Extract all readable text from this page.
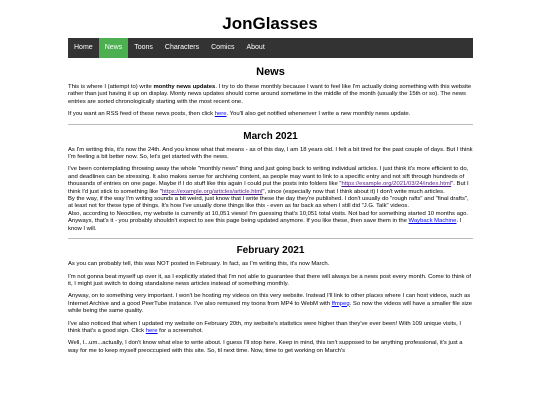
JonGlasses
Home	News	Toons	Characters	Comics	About
News

This is where I (attempt to) write monthy news updates. I try to do these monthly because I want to feel like I'm actually doing something with this website rather than just having it up on display. Monty news updates should come around sometime in the middle of the month (usually the 15th or so). The news entries are sorted chronologically starting with the most recent one.

If you want an RSS feed of these news posts, then click here. You'll also get notified whenenver I write a new monthly news update.

March 2021

As I'm writing this, it's now the 24th. And you know what that means - as of this day, I am 18 years old. I felt a bit tired for the past couple of days. But I think I'm feeling a bit better now. So, let's get started with the news.

I've been contemplating throwing away the whole "monthly news" thing and just going back to writing individual articles. I just think it's more efficient to do, and deadlines can be stressing. It also makes sense for archiving content, as people may want to link to a specific entry and not sift through hundreds of thousands of entries on one page. Maybe if I do stuff like this again I could put the posts into folders like "https://example.org/2021/03/24/index.html". But I think I'd just stick to something like "https://example.org/articles/article.html", since (especially now that I think about it) I don't write much articles.
By the way, if the way I'm writing sounds a bit weird, just know that I write these the day they're published. I don't usually do "rough rafts" and "final drafts", at least not for these type of things. It's how I've usually done things like this - even as far back as when I still did "J.G. Talk" videos.
Also, according to Neocities, my website is currently at 10,051 views! I'm guessing that's 10,051 total visits. Not bad for something started 10 months ago. Anyways, that's it - you probably shouldn't expect to see this page being updated anymore. If you like these, then save them in the Wayback Machine. I know I will.

February 2021

As you can probably tell, this was NOT posted in February. In fact, as I'm writing this, it's now March.

I'm not gonna beat myself up over it, as I explicitly stated that I'm not able to guarantee that there will always be a news post every month. Come to think of it, I might just switch to doing standalone news articles instead of something monthly.

Anyway, on to something very important. I won't be hosting my videos on this very website. Instead I'll link to other places where I can host videos, such as Internet Archive and a good PeerTube instance. I've also remuxed my toons from MP4 to WebM with ffmpeg. So now the videos will have a smaller file size while being the same quality.

I've also noticed that when I updated my website on February 20th, my website's statistics were higher than they've ever been! With 109 unique visits, I think that's a good sign. Click here for a screenshot.

Well, I...um...actually, I don't know what else to write about. I guess I'll stop here. Keep in mind, this isn't supposed to be anything professional, it's just a way for me to keep myself preoccupied with this site. So, til next time. Now, time to get working on March's
